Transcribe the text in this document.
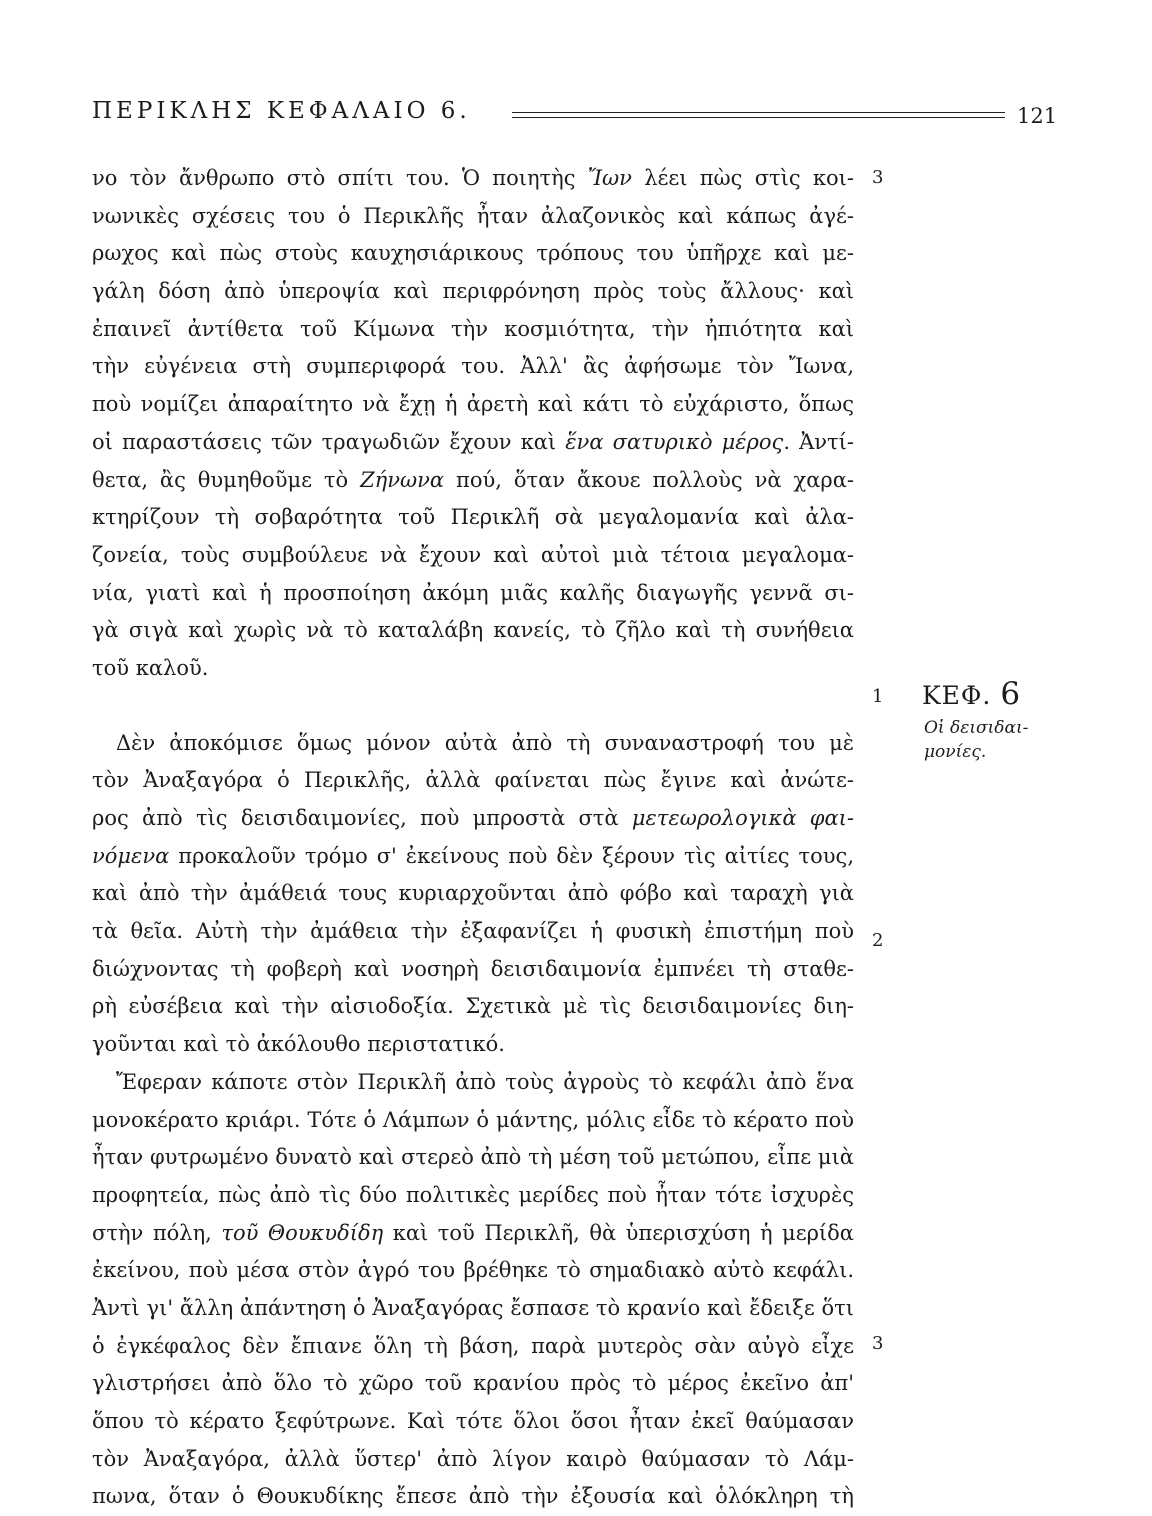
ΠΕΡΙΚΛΗΣ ΚΕΦΑΛΑΙΟ 6.	121
νο τὸν ἄνθρωπο στὸ σπίτι του. Ὁ ποιητὴς Ἴων λέει πὼς στὶς κοι-
νωνικὲς σχέσεις του ὁ Περικλῆς ἦταν ἀλαζονικὸς καὶ κάπως ἀγέ-
ρωχος καὶ πὼς στοὺς καυχησιάρικους τρόπους του ὑπῆρχε καὶ με-
γάλη δόση ἀπὸ ὑπεροψία καὶ περιφρόνηση πρὸς τοὺς ἄλλους· καὶ
ἐπαινεῖ ἀντίθετα τοῦ Κίμωνα τὴν κοσμιότητα, τὴν ἠπιότητα καὶ
τὴν εὐγένεια στὴ συμπεριφορά του. Ἀλλ' ἂς ἀφήσωμε τὸν Ἴωνα,
ποὺ νομίζει ἀπαραίτητο νὰ ἔχῃ ἡ ἀρετὴ καὶ κάτι τὸ εὐχάριστο, ὅπως
οἱ παραστάσεις τῶν τραγωδιῶν ἔχουν καὶ ἕνα σατυρικὸ μέρος. Ἀντί-
θετα, ἂς θυμηθοῦμε τὸ Ζήνωνα πού, ὅταν ἄκουε πολλοὺς νὰ χαρα-
κτηρίζουν τὴ σοβαρότητα τοῦ Περικλῆ σὰ μεγαλομανία καὶ ἀλα-
ζονεία, τοὺς συμβούλευε νὰ ἔχουν καὶ αὐτοὶ μιὰ τέτοια μεγαλομα-
νία, γιατὶ καὶ ἡ προσποίηση ἀκόμη μιᾶς καλῆς διαγωγῆς γεννᾶ σι-
γὰ σιγὰ καὶ χωρὶς νὰ τὸ καταλάβη κανείς, τὸ ζῆλο καὶ τὴ συνήθεια
τοῦ καλοῦ.
Δὲν ἀποκόμισε ὅμως μόνον αὐτὰ ἀπὸ τὴ συναναστροφή του μὲ
τὸν Ἀναξαγόρα ὁ Περικλῆς, ἀλλὰ φαίνεται πὼς ἔγινε καὶ ἀνώτε-
ρος ἀπὸ τὶς δεισιδαιμονίες, ποὺ μπροστὰ στὰ μετεωρολογικὰ φαι-
νόμενα προκαλοῦν τρόμο σ' ἐκείνους ποὺ δὲν ξέρουν τὶς αἰτίες τους,
καὶ ἀπὸ τὴν ἀμάθειά τους κυριαρχοῦνται ἀπὸ φόβο καὶ ταραχὴ γιὰ
τὰ θεῖα. Αὐτὴ τὴν ἀμάθεια τὴν ἐξαφανίζει ἡ φυσικὴ ἐπιστήμη ποὺ
διώχνοντας τὴ φοβερὴ καὶ νοσηρὴ δεισιδαιμονία ἐμπνέει τὴ σταθε-
ρὴ εὐσέβεια καὶ τὴν αἰσιοδοξία. Σχετικὰ μὲ τὶς δεισιδαιμονίες διη-
γοῦνται καὶ τὸ ἀκόλουθο περιστατικό.
Ἔφεραν κάποτε στὸν Περικλῆ ἀπὸ τοὺς ἀγροὺς τὸ κεφάλι ἀπὸ ἕνα
μονοκέρατο κριάρι. Τότε ὁ Λάμπων ὁ μάντης, μόλις εἶδε τὸ κέρατο ποὺ
ἦταν φυτρωμένο δυνατὸ καὶ στερεὸ ἀπὸ τὴ μέση τοῦ μετώπου, εἶπε μιὰ
προφητεία, πὼς ἀπὸ τὶς δύο πολιτικὲς μερίδες ποὺ ἦταν τότε ἰσχυρὲς
στὴν πόλη, τοῦ Θουκυδίδη καὶ τοῦ Περικλῆ, θὰ ὑπερισχύση ἡ μερίδα
ἐκείνου, ποὺ μέσα στὸν ἀγρό του βρέθηκε τὸ σημαδιακὸ αὐτὸ κεφάλι.
Ἀντὶ γι' ἄλλη ἀπάντηση ὁ Ἀναξαγόρας ἔσπασε τὸ κρανίο καὶ ἔδειξε ὅτι
ὁ ἐγκέφαλος δὲν ἔπιανε ὅλη τὴ βάση, παρὰ μυτερὸς σὰν αὐγὸ εἶχε
γλιστρήσει ἀπὸ ὅλο τὸ χῶρο τοῦ κρανίου πρὸς τὸ μέρος ἐκεῖνο ἀπ'
ὅπου τὸ κέρατο ξεφύτρωνε. Καὶ τότε ὅλοι ὅσοι ἦταν ἐκεῖ θαύμασαν
τὸν Ἀναξαγόρα, ἀλλὰ ὕστερ' ἀπὸ λίγον καιρὸ θαύμασαν τὸ Λάμ-
πωνα, ὅταν ὁ Θουκυδίκης ἔπεσε ἀπὸ τὴν ἐξουσία καὶ ὁλόκληρη τὴ
3
1
2
3
ΚΕΦ. 6
Οἱ δεισιδαι-
μονίες.
